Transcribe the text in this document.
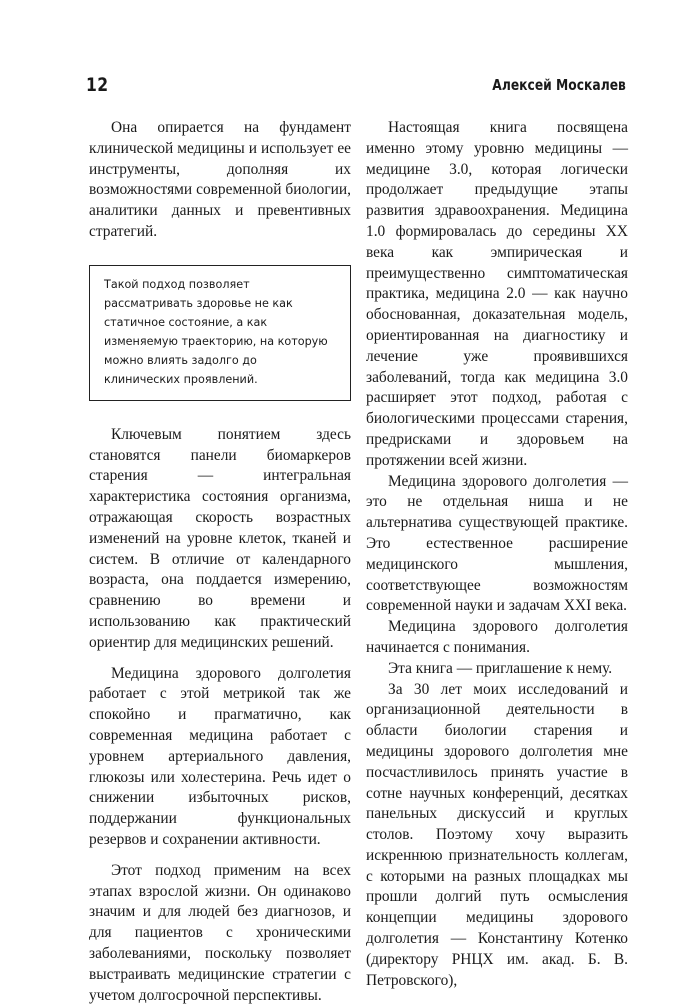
12	Алексей Москалев

Она опирается на фундамент клинической медицины и использует ее инструменты, дополняя их возможностями современной биологии, аналитики данных и превентивных стратегий.

Такой подход позволяет рассматривать здоровье не как статичное состояние, а как изменяемую траекторию, на которую можно влиять задолго до клинических проявлений.

Ключевым понятием здесь становятся панели биомаркеров старения — интегральная характеристика состояния организма, отражающая скорость возрастных изменений на уровне клеток, тканей и систем. В отличие от календарного возраста, она поддается измерению, сравнению во времени и использованию как практический ориентир для медицинских решений.

Медицина здорового долголетия работает с этой метрикой так же спокойно и прагматично, как современная медицина работает с уровнем артериального давления, глюкозы или холестерина. Речь идет о снижении избыточных рисков, поддержании функциональных резервов и сохранении активности.

Этот подход применим на всех этапах взрослой жизни. Он одинаково значим и для людей без диагнозов, и для пациентов с хроническими заболеваниями, поскольку позволяет выстраивать медицинские стратегии с учетом долгосрочной перспективы.

Настоящая книга посвящена именно этому уровню медицины — медицине 3.0, которая логически продолжает предыдущие этапы развития здравоохранения. Медицина 1.0 формировалась до середины XX века как эмпирическая и преимущественно симптоматическая практика, медицина 2.0 — как научно обоснованная, доказательная модель, ориентированная на диагностику и лечение уже проявившихся заболеваний, тогда как медицина 3.0 расширяет этот подход, работая с биологическими процессами старения, предрисками и здоровьем на протяжении всей жизни.

Медицина здорового долголетия — это не отдельная ниша и не альтернатива существующей практике. Это естественное расширение медицинского мышления, соответствующее возможностям современной науки и задачам XXI века.

Медицина здорового долголетия начинается с понимания.

Эта книга — приглашение к нему.

За 30 лет моих исследований и организационной деятельности в области биологии старения и медицины здорового долголетия мне посчастливилось принять участие в сотне научных конференций, десятках панельных дискуссий и круглых столов. Поэтому хочу выразить искреннюю признательность коллегам, с которыми на разных площадках мы прошли долгий путь осмысления концепции медицины здорового долголетия — Константину Котенко (директору РНЦХ им. акад. Б. В. Петровского),
